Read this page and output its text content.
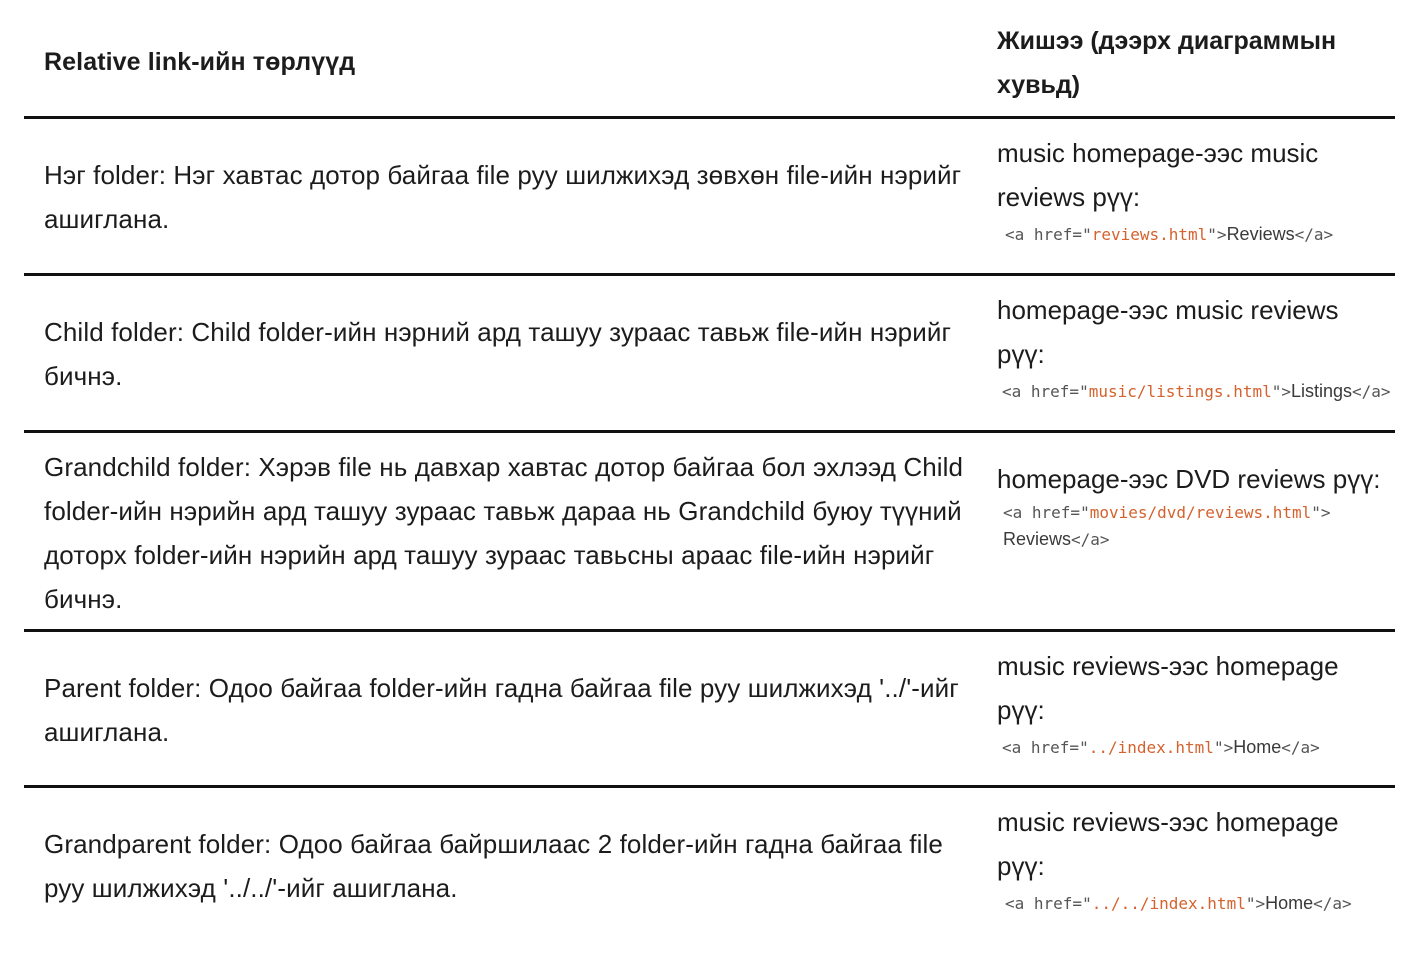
Relative link-ийн төрлүүд
Жишээ (дээрх диаграммын хувьд)
Нэг folder: Нэг хавтас дотор байгаа file руу шилжихэд зөвхөн file-ийн нэрийг ашиглана.
music homepage-ээс music reviews рүү:
<a href="reviews.html">Reviews</a>
Child folder: Child folder-ийн нэрний ард ташуу зураас тавьж file-ийн нэрийг бичнэ.
homepage-ээс music reviews рүү:
<a href="music/listings.html">Listings</a>
Grandchild folder: Хэрэв file нь давхар хавтас дотор байгаа бол эхлээд Child folder-ийн нэрийн ард ташуу зураас тавьж дараа нь Grandchild буюу түүний доторх folder-ийн нэрийн ард ташуу зураас тавьсны араас file-ийн нэрийг бичнэ.
homepage-ээс DVD reviews рүү:
<a href="movies/dvd/reviews.html">
Reviews</a>
Parent folder: Одоо байгаа folder-ийн гадна байгаа file руу шилжихэд '../'-ийг ашиглана.
music reviews-ээс homepage рүү:
<a href="../index.html">Home</a>
Grandparent folder: Одоо байгаа байршилаас 2 folder-ийн гадна байгаа file руу шилжихэд '../../'-ийг ашиглана.
music reviews-ээс homepage рүү:
<a href="../../index.html">Home</a>
